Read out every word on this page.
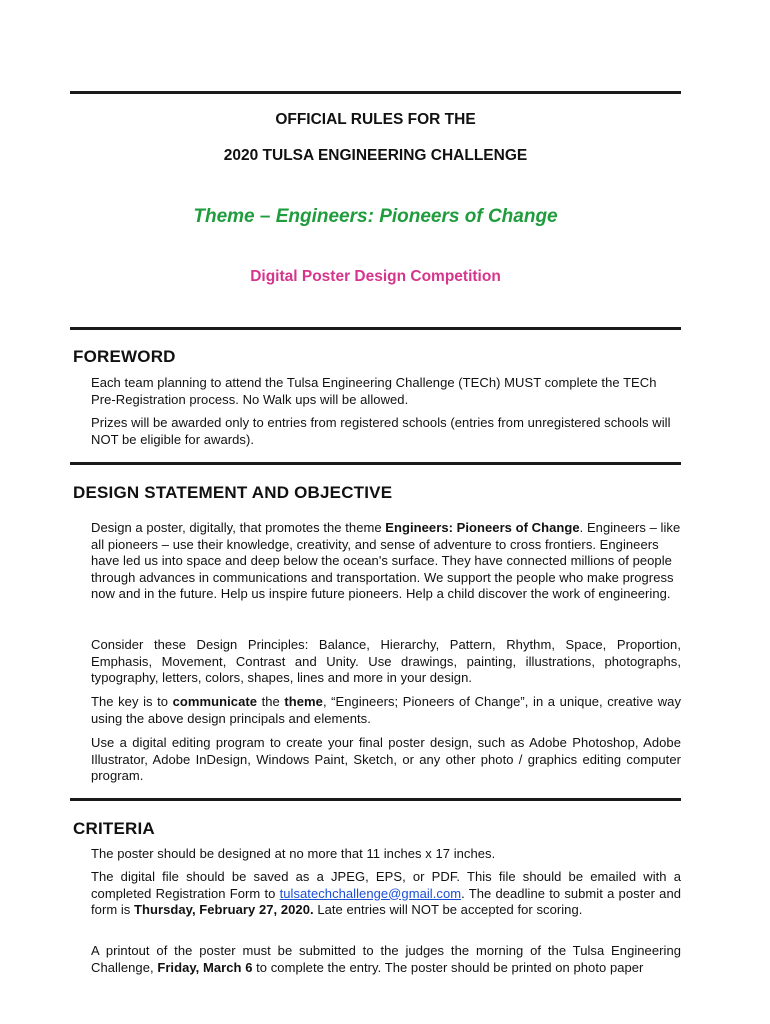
OFFICIAL RULES FOR THE
2020 TULSA ENGINEERING CHALLENGE
Theme – Engineers: Pioneers of Change
Digital Poster Design Competition
FOREWORD

Each team planning to attend the Tulsa Engineering Challenge (TECh) MUST complete the TECh Pre-Registration process. No Walk ups will be allowed.

Prizes will be awarded only to entries from registered schools (entries from unregistered schools will NOT be eligible for awards).

DESIGN STATEMENT AND OBJECTIVE

Design a poster, digitally, that promotes the theme Engineers: Pioneers of Change. Engineers – like all pioneers – use their knowledge, creativity, and sense of adventure to cross frontiers. Engineers have led us into space and deep below the ocean's surface. They have connected millions of people through advances in communications and transportation. We support the people who make progress now and in the future. Help us inspire future pioneers. Help a child discover the work of engineering.

Consider these Design Principles: Balance, Hierarchy, Pattern, Rhythm, Space, Proportion, Emphasis, Movement, Contrast and Unity. Use drawings, painting, illustrations, photographs, typography, letters, colors, shapes, lines and more in your design.

The key is to communicate the theme, “Engineers; Pioneers of Change”, in a unique, creative way using the above design principals and elements.

Use a digital editing program to create your final poster design, such as Adobe Photoshop, Adobe Illustrator, Adobe InDesign, Windows Paint, Sketch, or any other photo / graphics editing computer program.

CRITERIA

The poster should be designed at no more that 11 inches x 17 inches.

The digital file should be saved as a JPEG, EPS, or PDF. This file should be emailed with a completed Registration Form to tulsatechchallenge@gmail.com. The deadline to submit a poster and form is Thursday, February 27, 2020. Late entries will NOT be accepted for scoring.

A printout of the poster must be submitted to the judges the morning of the Tulsa Engineering Challenge, Friday, March 6 to complete the entry. The poster should be printed on photo paper
